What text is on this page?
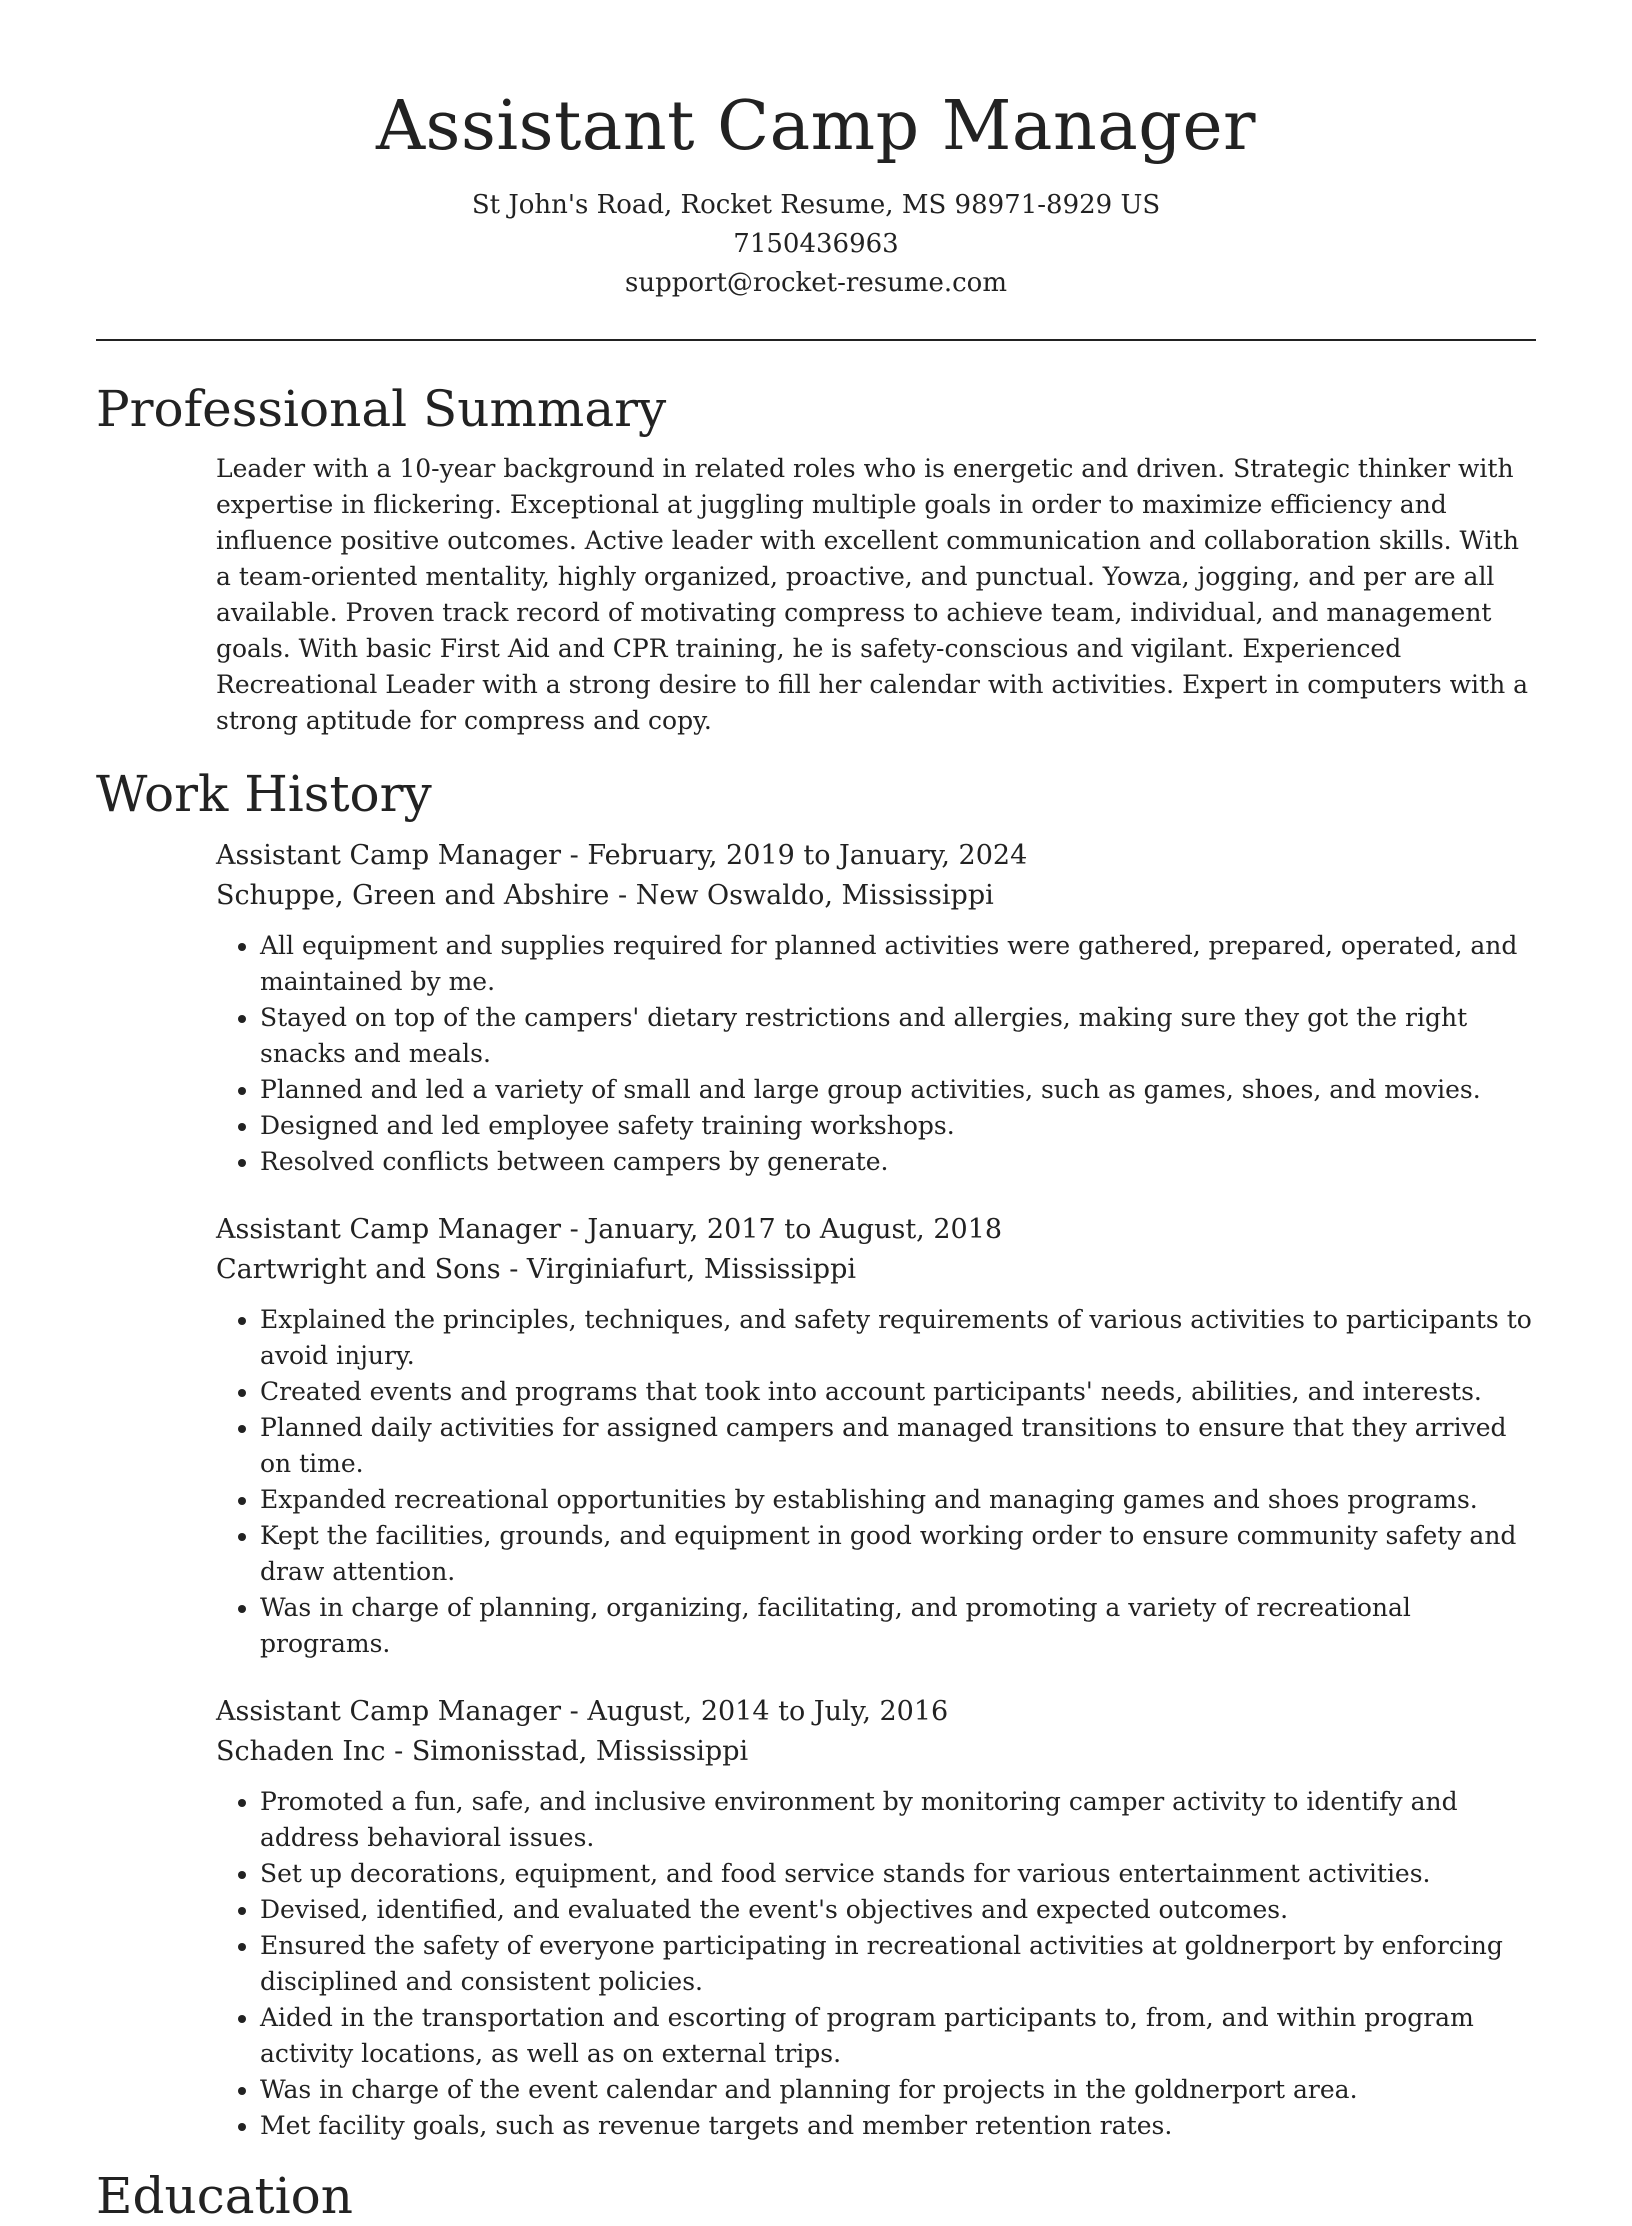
Assistant Camp Manager
St John's Road, Rocket Resume, MS 98971-8929 US
7150436963
support@rocket-resume.com
Professional Summary

Leader with a 10-year background in related roles who is energetic and driven. Strategic thinker with expertise in flickering. Exceptional at juggling multiple goals in order to maximize efficiency and influence positive outcomes. Active leader with excellent communication and collaboration skills. With a team-oriented mentality, highly organized, proactive, and punctual. Yowza, jogging, and per are all available. Proven track record of motivating compress to achieve team, individual, and management goals. With basic First Aid and CPR training, he is safety-conscious and vigilant. Experienced Recreational Leader with a strong desire to fill her calendar with activities. Expert in computers with a strong aptitude for compress and copy.

Work History
Assistant Camp Manager - February, 2019 to January, 2024
Schuppe, Green and Abshire - New Oswaldo, Mississippi
• All equipment and supplies required for planned activities were gathered, prepared, operated, and maintained by me.
• Stayed on top of the campers' dietary restrictions and allergies, making sure they got the right snacks and meals.
• Planned and led a variety of small and large group activities, such as games, shoes, and movies.
• Designed and led employee safety training workshops.
• Resolved conflicts between campers by generate.
Assistant Camp Manager - January, 2017 to August, 2018
Cartwright and Sons - Virginiafurt, Mississippi
• Explained the principles, techniques, and safety requirements of various activities to participants to avoid injury.
• Created events and programs that took into account participants' needs, abilities, and interests.
• Planned daily activities for assigned campers and managed transitions to ensure that they arrived on time.
• Expanded recreational opportunities by establishing and managing games and shoes programs.
• Kept the facilities, grounds, and equipment in good working order to ensure community safety and draw attention.
• Was in charge of planning, organizing, facilitating, and promoting a variety of recreational programs.
Assistant Camp Manager - August, 2014 to July, 2016
Schaden Inc - Simonisstad, Mississippi
• Promoted a fun, safe, and inclusive environment by monitoring camper activity to identify and address behavioral issues.
• Set up decorations, equipment, and food service stands for various entertainment activities.
• Devised, identified, and evaluated the event's objectives and expected outcomes.
• Ensured the safety of everyone participating in recreational activities at goldnerport by enforcing disciplined and consistent policies.
• Aided in the transportation and escorting of program participants to, from, and within program activity locations, as well as on external trips.
• Was in charge of the event calendar and planning for projects in the goldnerport area.
• Met facility goals, such as revenue targets and member retention rates.
Education
